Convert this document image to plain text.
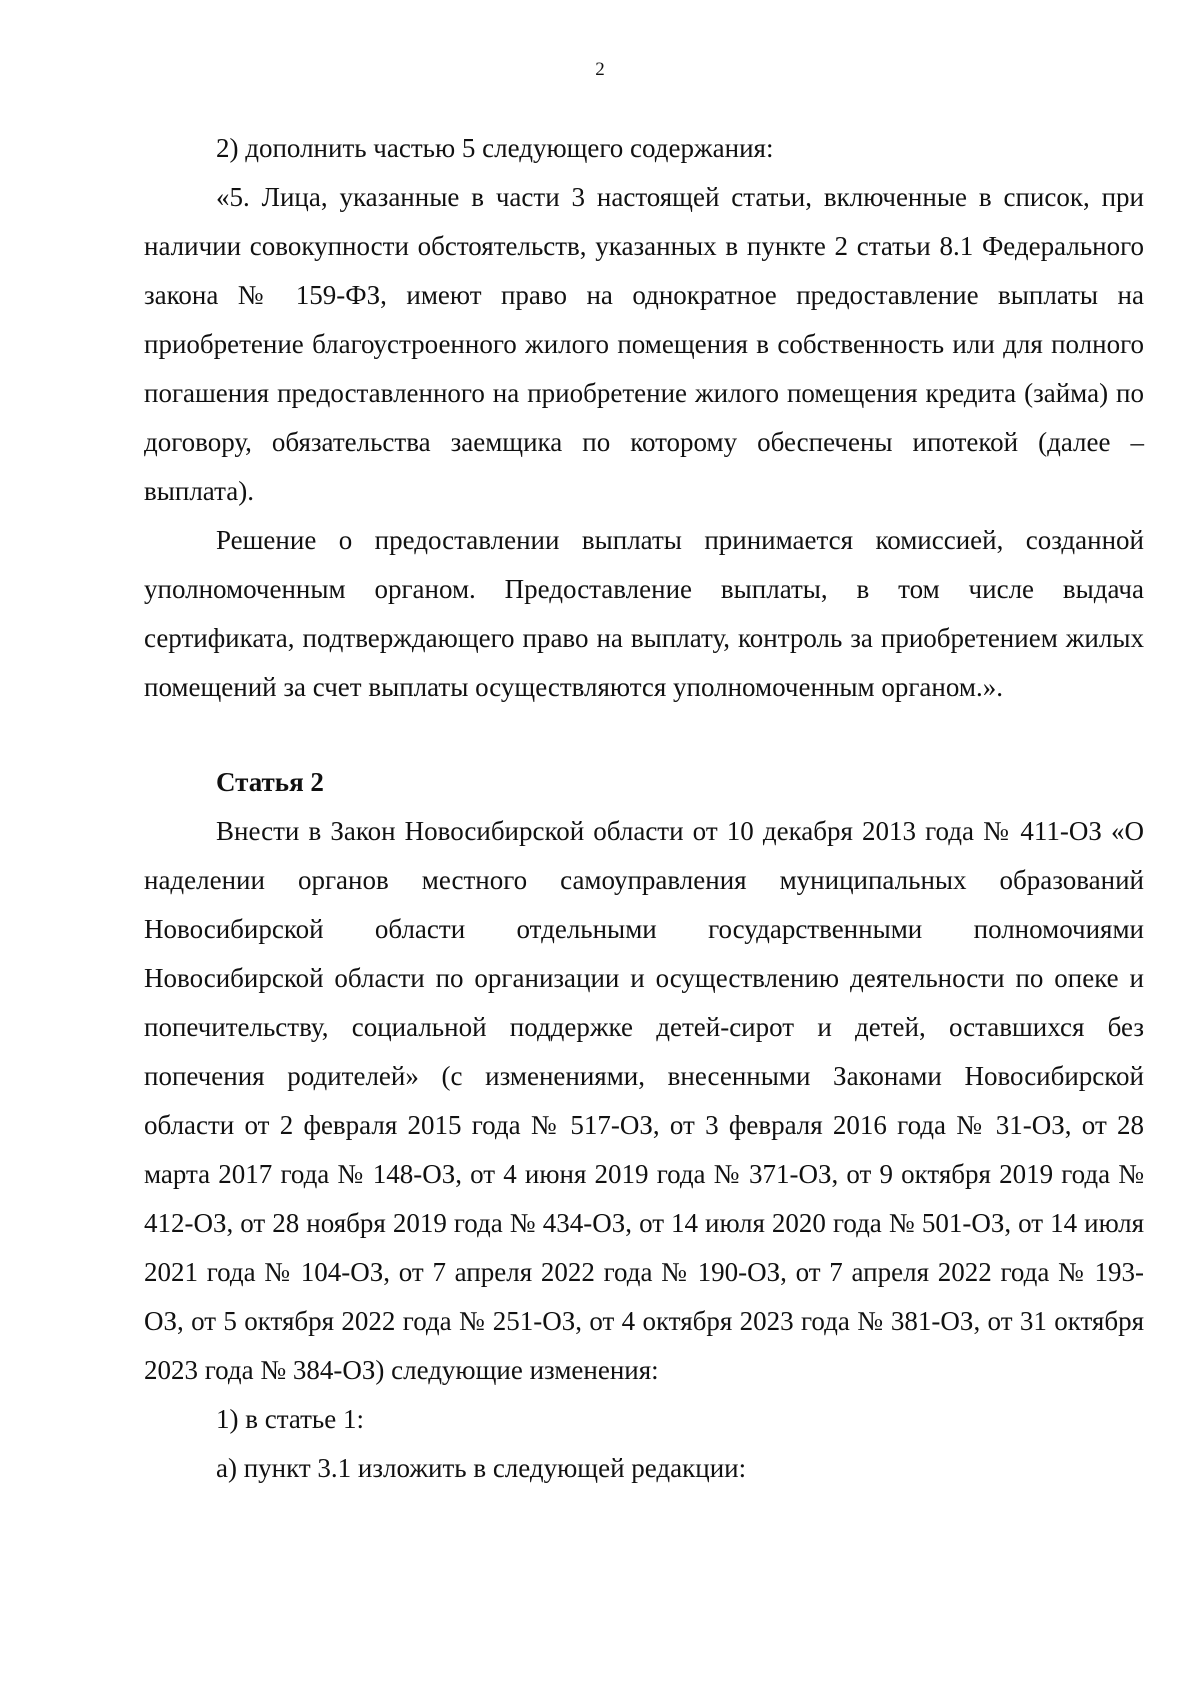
2

2) дополнить частью 5 следующего содержания:

«5. Лица, указанные в части 3 настоящей статьи, включенные в список, при наличии совокупности обстоятельств, указанных в пункте 2 статьи 8.1 Федерального закона № 159-ФЗ, имеют право на однократное предоставление выплаты на приобретение благоустроенного жилого помещения в собственность или для полного погашения предоставленного на приобретение жилого помещения кредита (займа) по договору, обязательства заемщика по которому обеспечены ипотекой (далее – выплата).

Решение о предоставлении выплаты принимается комиссией, созданной уполномоченным органом. Предоставление выплаты, в том числе выдача сертификата, подтверждающего право на выплату, контроль за приобретением жилых помещений за счет выплаты осуществляются уполномоченным органом.».

Статья 2

Внести в Закон Новосибирской области от 10 декабря 2013 года № 411-ОЗ «О наделении органов местного самоуправления муниципальных образований Новосибирской области отдельными государственными полномочиями Новосибирской области по организации и осуществлению деятельности по опеке и попечительству, социальной поддержке детей-сирот и детей, оставшихся без попечения родителей» (с изменениями, внесенными Законами Новосибирской области от 2 февраля 2015 года № 517-ОЗ, от 3 февраля 2016 года № 31-ОЗ, от 28 марта 2017 года № 148-ОЗ, от 4 июня 2019 года № 371-ОЗ, от 9 октября 2019 года № 412-ОЗ, от 28 ноября 2019 года № 434-ОЗ, от 14 июля 2020 года № 501-ОЗ, от 14 июля 2021 года № 104-ОЗ, от 7 апреля 2022 года № 190-ОЗ, от 7 апреля 2022 года № 193-ОЗ, от 5 октября 2022 года № 251-ОЗ, от 4 октября 2023 года № 381-ОЗ, от 31 октября 2023 года № 384-ОЗ) следующие изменения:

1) в статье 1:

а) пункт 3.1 изложить в следующей редакции:
